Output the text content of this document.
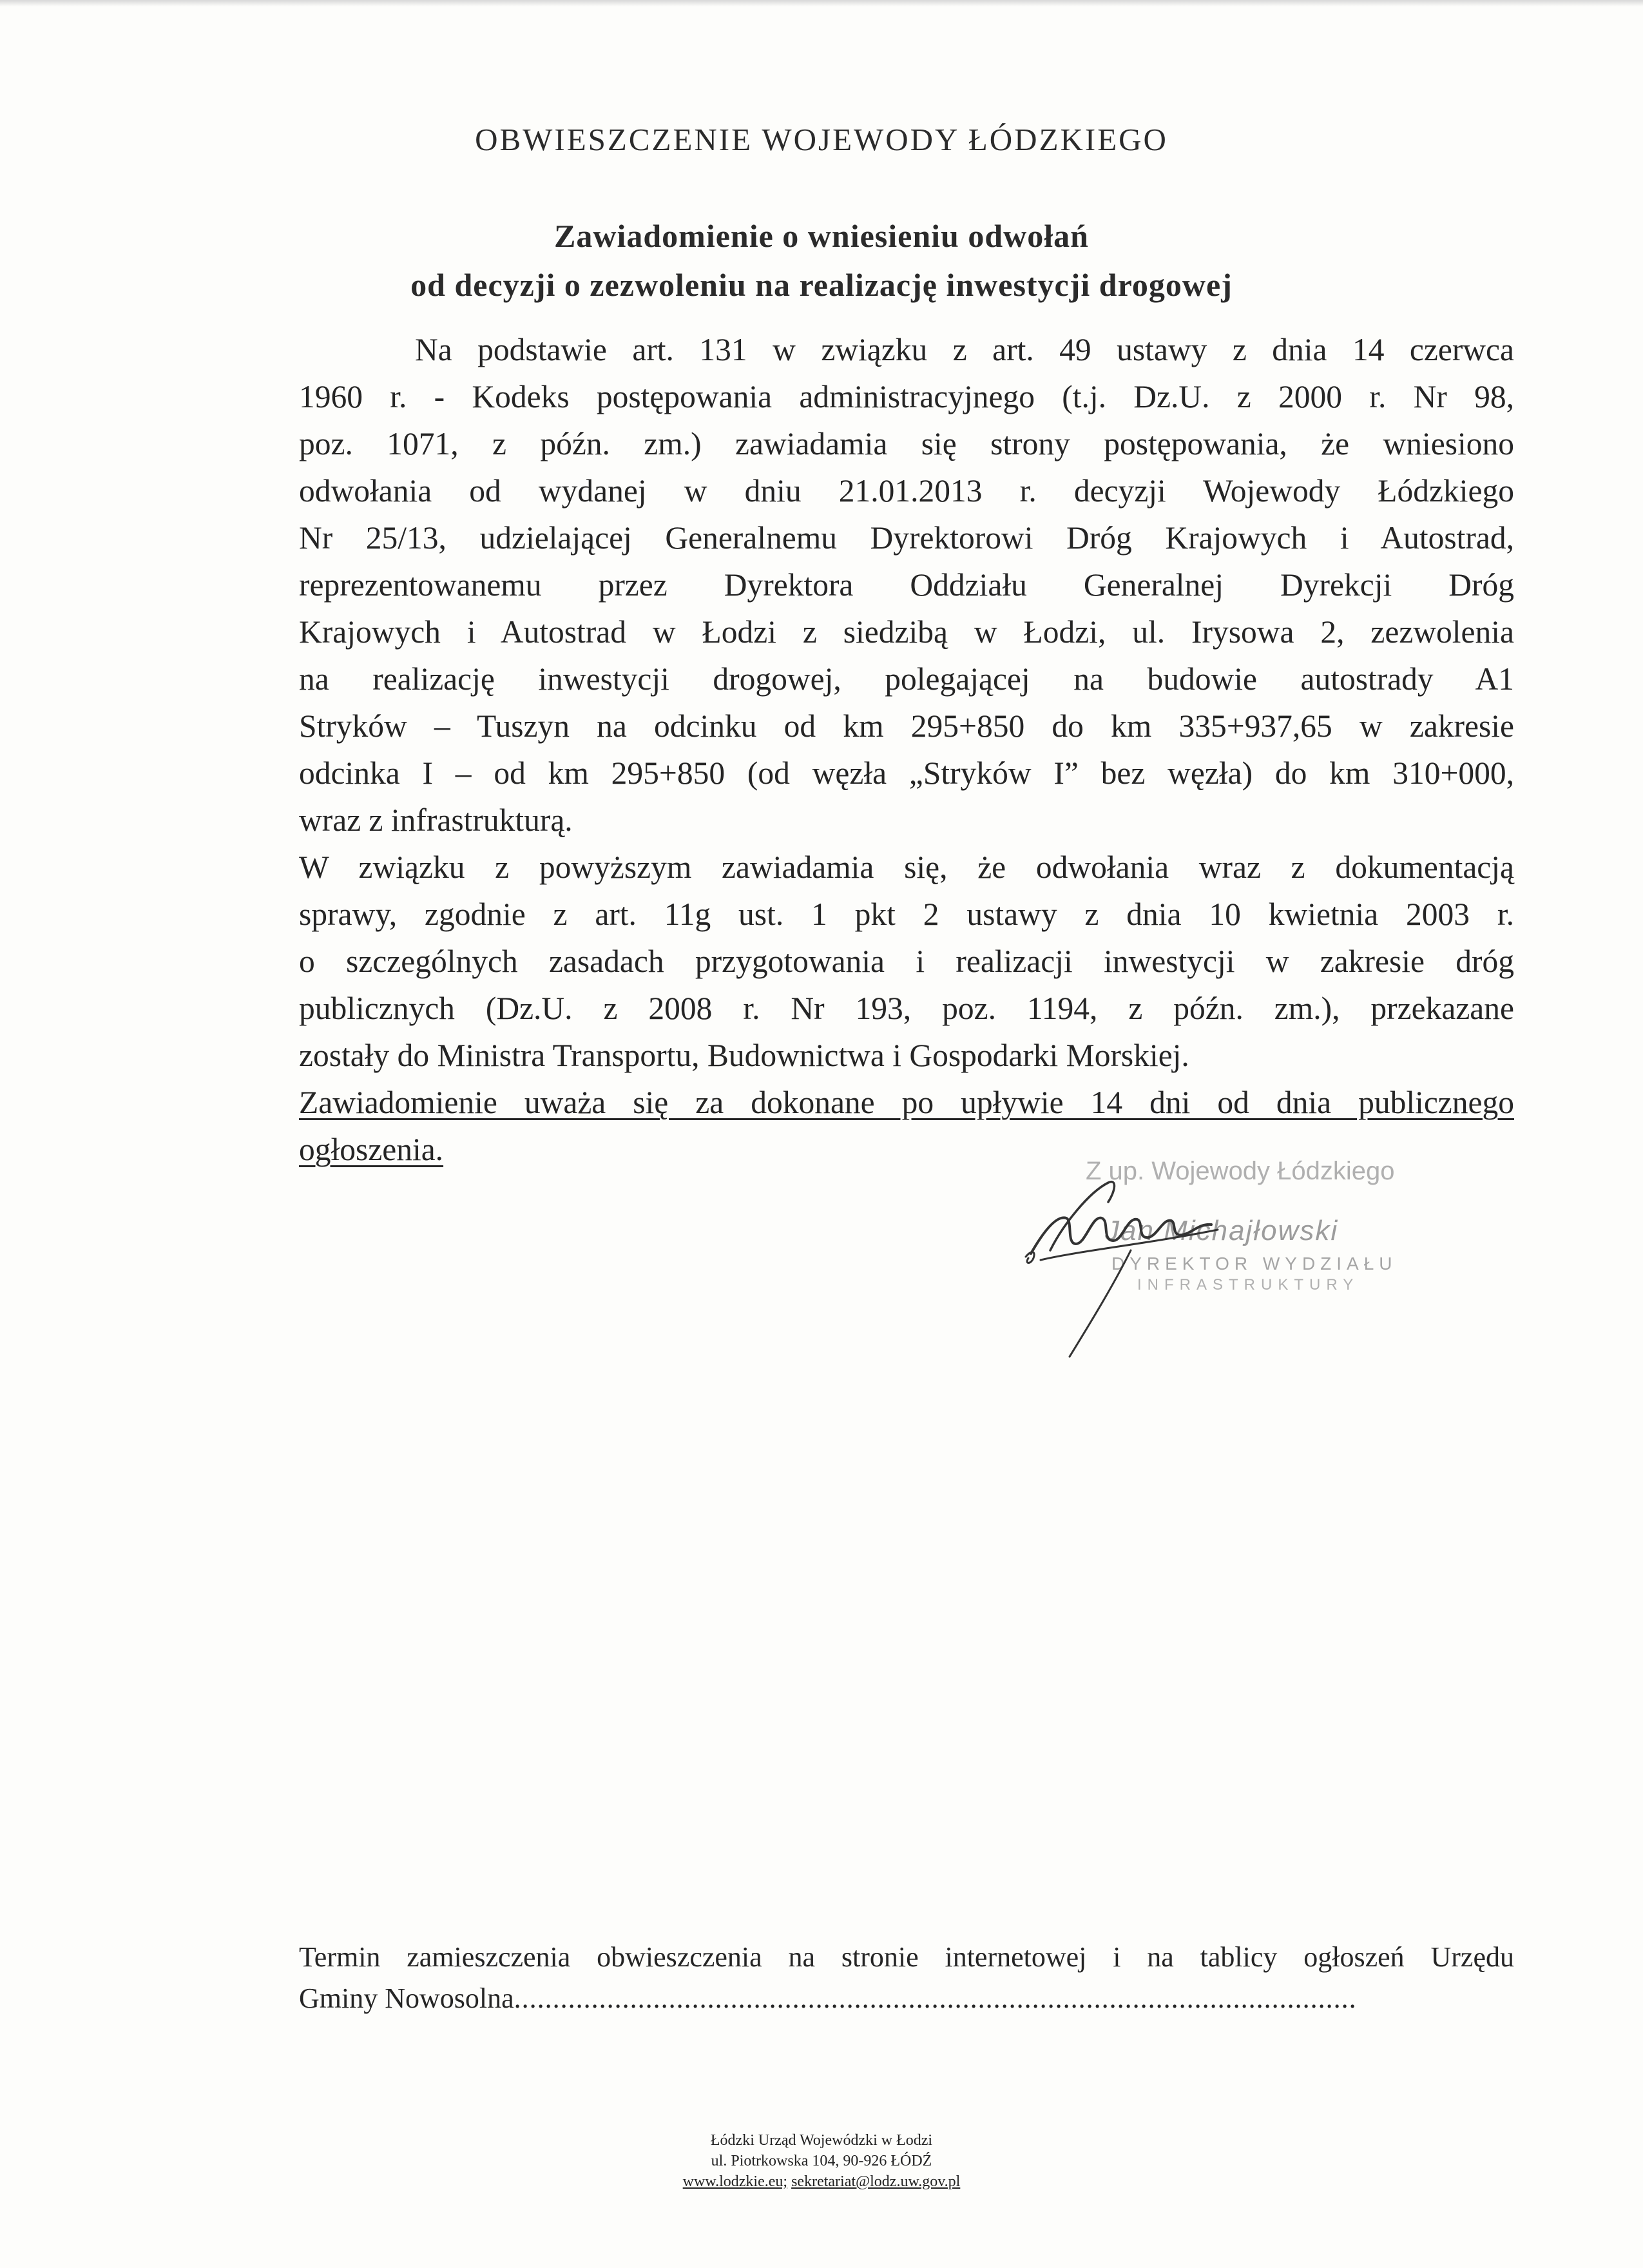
OBWIESZCZENIE WOJEWODY ŁÓDZKIEGO
Zawiadomienie o wniesieniu odwołań
od decyzji o zezwoleniu na realizację inwestycji drogowej
Na podstawie art. 131 w związku z art. 49 ustawy z dnia 14 czerwca
1960 r. - Kodeks postępowania administracyjnego (t.j. Dz.U. z 2000 r. Nr 98,
poz. 1071, z późn. zm.) zawiadamia się strony postępowania, że wniesiono
odwołania od wydanej w dniu 21.01.2013 r. decyzji Wojewody Łódzkiego
Nr 25/13, udzielającej Generalnemu Dyrektorowi Dróg Krajowych i Autostrad,
reprezentowanemu przez Dyrektora Oddziału Generalnej Dyrekcji Dróg
Krajowych i Autostrad w Łodzi z siedzibą w Łodzi, ul. Irysowa 2, zezwolenia
na realizację inwestycji drogowej, polegającej na budowie autostrady A1
Stryków – Tuszyn na odcinku od km 295+850 do km 335+937,65 w zakresie
odcinka I – od km 295+850 (od węzła „Stryków I” bez węzła) do km 310+000,
wraz z infrastrukturą.
W związku z powyższym zawiadamia się, że odwołania wraz z dokumentacją
sprawy, zgodnie z art. 11g ust. 1 pkt 2 ustawy z dnia 10 kwietnia 2003 r.
o szczególnych zasadach przygotowania i realizacji inwestycji w zakresie dróg
publicznych (Dz.U. z 2008 r. Nr 193, poz. 1194, z późn. zm.), przekazane
zostały do Ministra Transportu, Budownictwa i Gospodarki Morskiej.
Zawiadomienie uważa się za dokonane po upływie 14 dni od dnia publicznego
ogłoszenia.
Z up. Wojewody Łódzkiego
Jan Michajłowski
DYREKTOR WYDZIAŁU
INFRASTRUKTURY
Termin zamieszczenia obwieszczenia na stronie internetowej i na tablicy ogłoszeń Urzędu
Gminy Nowosolna.............................................................................................................
Łódzki Urząd Wojewódzki w Łodzi
ul. Piotrkowska 104, 90-926 ŁÓDŹ
www.lodzkie.eu; sekretariat@lodz.uw.gov.pl
